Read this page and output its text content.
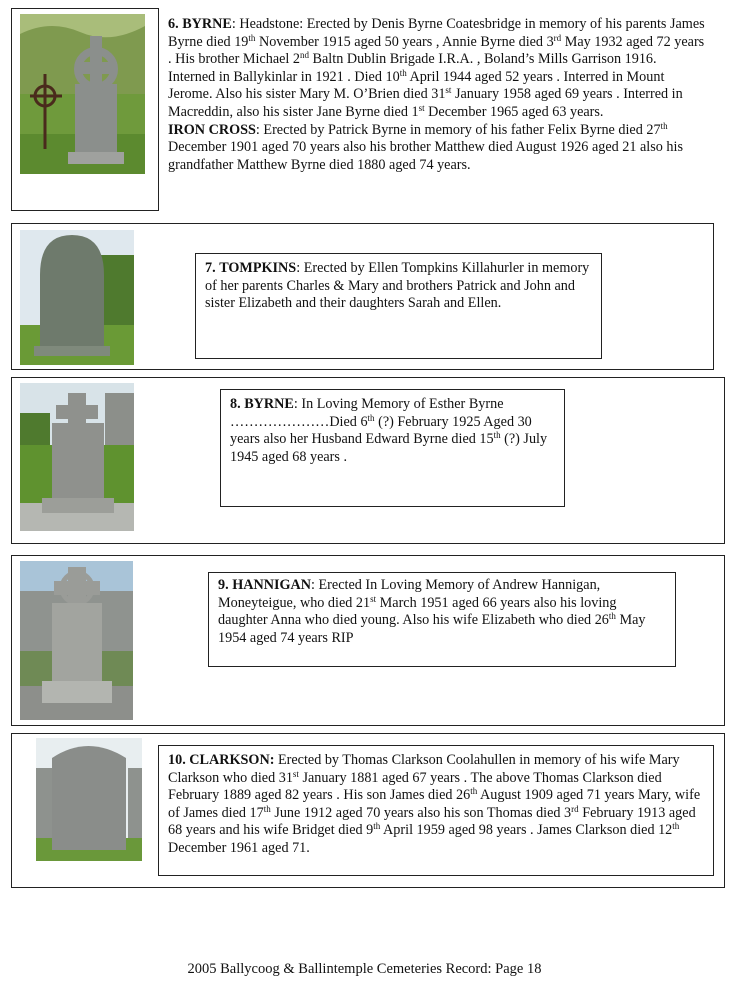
6. BYRNE: Headstone: Erected by Denis Byrne Coatesbridge in memory of his parents James Byrne died 19th November 1915 aged 50 years , Annie Byrne died 3rd May 1932 aged 72 years . His brother Michael 2nd Baltn Dublin Brigade I.R.A. , Boland’s Mills Garrison 1916. Interned in Ballykinlar in 1921 . Died 10th April 1944 aged 52 years . Interred in Mount Jerome. Also his sister Mary M. O’Brien died 31st January 1958 aged 69 years . Interred in Macreddin, also his sister Jane Byrne died 1st December 1965 aged 63 years.

IRON CROSS: Erected by Patrick Byrne in memory of his father Felix Byrne died 27th December 1901 aged 70 years also his brother Matthew died August 1926 aged 21 also his grandfather Matthew Byrne died 1880 aged 74 years.

7. TOMPKINS: Erected by Ellen Tompkins Killahurler in memory of her parents Charles & Mary and brothers Patrick and John and sister Elizabeth and their daughters Sarah and Ellen.

8. BYRNE: In Loving Memory of Esther Byrne …………………Died 6th (?) February 1925 Aged 30 years also her Husband Edward Byrne died 15th (?) July 1945 aged 68 years .

9. HANNIGAN: Erected In Loving Memory of Andrew Hannigan, Moneyteigue, who died 21st March 1951 aged 66 years also his loving daughter Anna who died young. Also his wife Elizabeth who died 26th May 1954 aged 74 years RIP

10. CLARKSON: Erected by Thomas Clarkson Coolahullen in memory of his wife Mary Clarkson who died 31st January 1881 aged 67 years . The above Thomas Clarkson died February 1889 aged 82 years . His son James died 26th August 1909 aged 71 years Mary, wife of James died 17th June 1912 aged 70 years also his son Thomas died 3rd February 1913 aged 68 years and his wife Bridget died 9th April 1959 aged 98 years . James Clarkson died 12th December 1961 aged 71.

2005 Ballycoog & Ballintemple Cemeteries Record: Page 18
